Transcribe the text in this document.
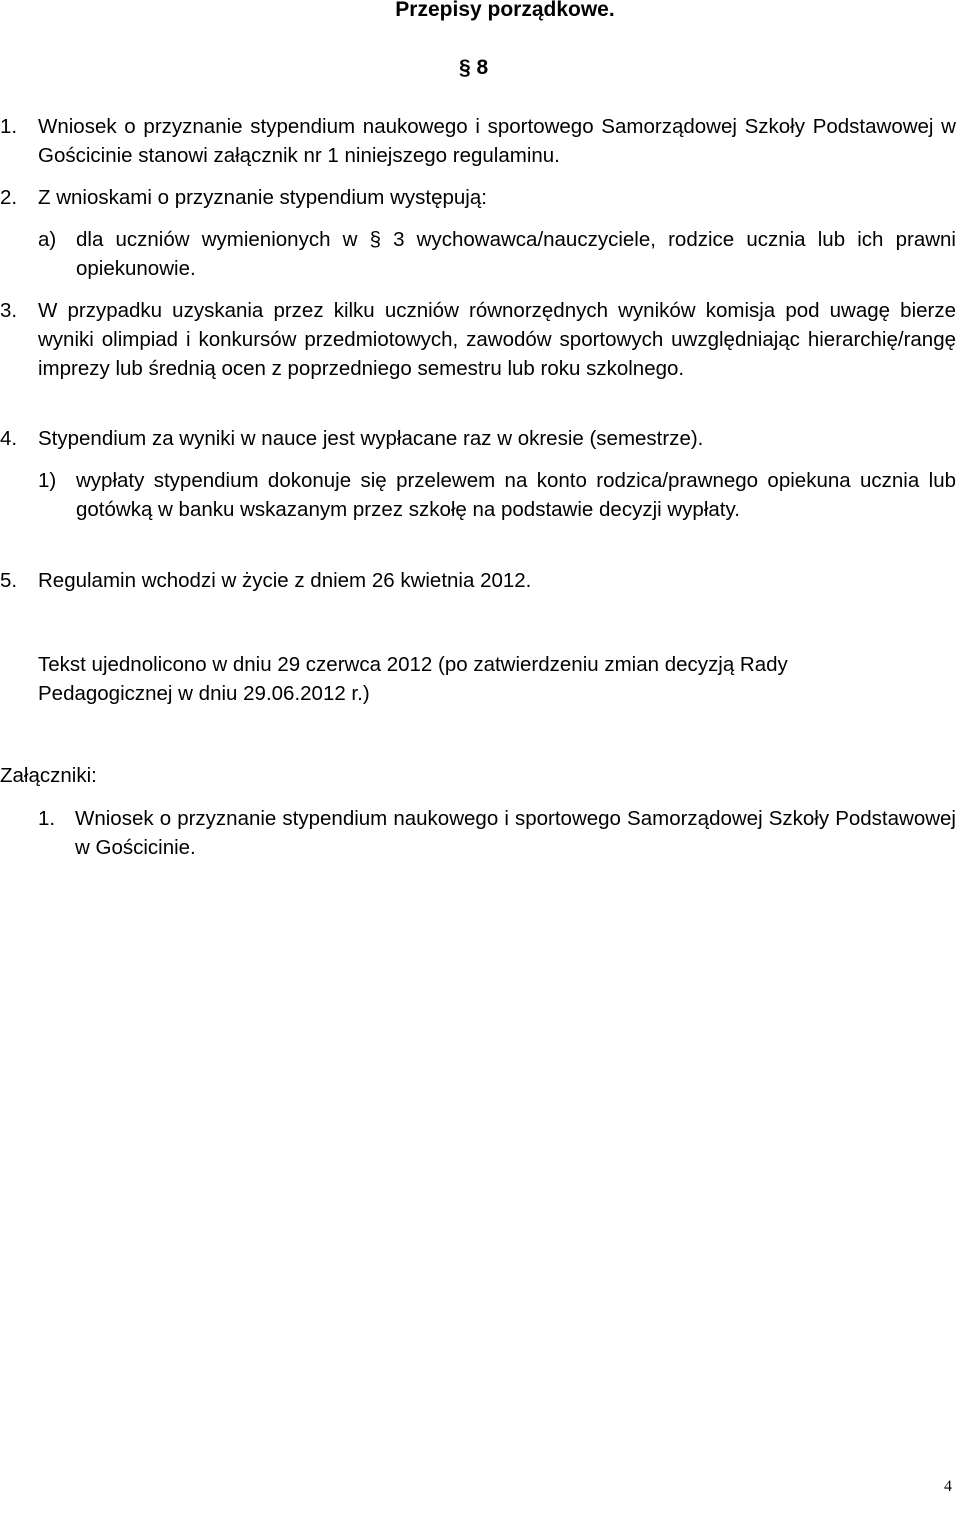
Przepisy porządkowe.
§ 8
1. Wniosek o przyznanie stypendium naukowego i sportowego Samorządowej Szkoły Podstawowej w Gościcinie stanowi załącznik nr 1 niniejszego regulaminu.
2. Z wnioskami o przyznanie stypendium występują:
a) dla uczniów wymienionych w § 3 wychowawca/nauczyciele, rodzice ucznia lub ich prawni opiekunowie.
3. W przypadku uzyskania przez kilku uczniów równorzędnych wyników komisja pod uwagę bierze wyniki olimpiad i konkursów przedmiotowych, zawodów sportowych uwzględniając hierarchię/rangę imprezy lub średnią ocen z poprzedniego semestru lub roku szkolnego.
4. Stypendium za wyniki w nauce jest wypłacane raz w okresie (semestrze).
1) wypłaty stypendium dokonuje się przelewem na konto rodzica/prawnego opiekuna ucznia lub gotówką w banku wskazanym przez szkołę na podstawie decyzji wypłaty.
5. Regulamin wchodzi w życie z dniem 26 kwietnia 2012.
Tekst ujednolicono w dniu 29 czerwca 2012 (po zatwierdzeniu zmian decyzją Rady Pedagogicznej w dniu 29.06.2012 r.)
Załączniki:
1. Wniosek o przyznanie stypendium naukowego i sportowego Samorządowej Szkoły Podstawowej w Gościcinie.
4
